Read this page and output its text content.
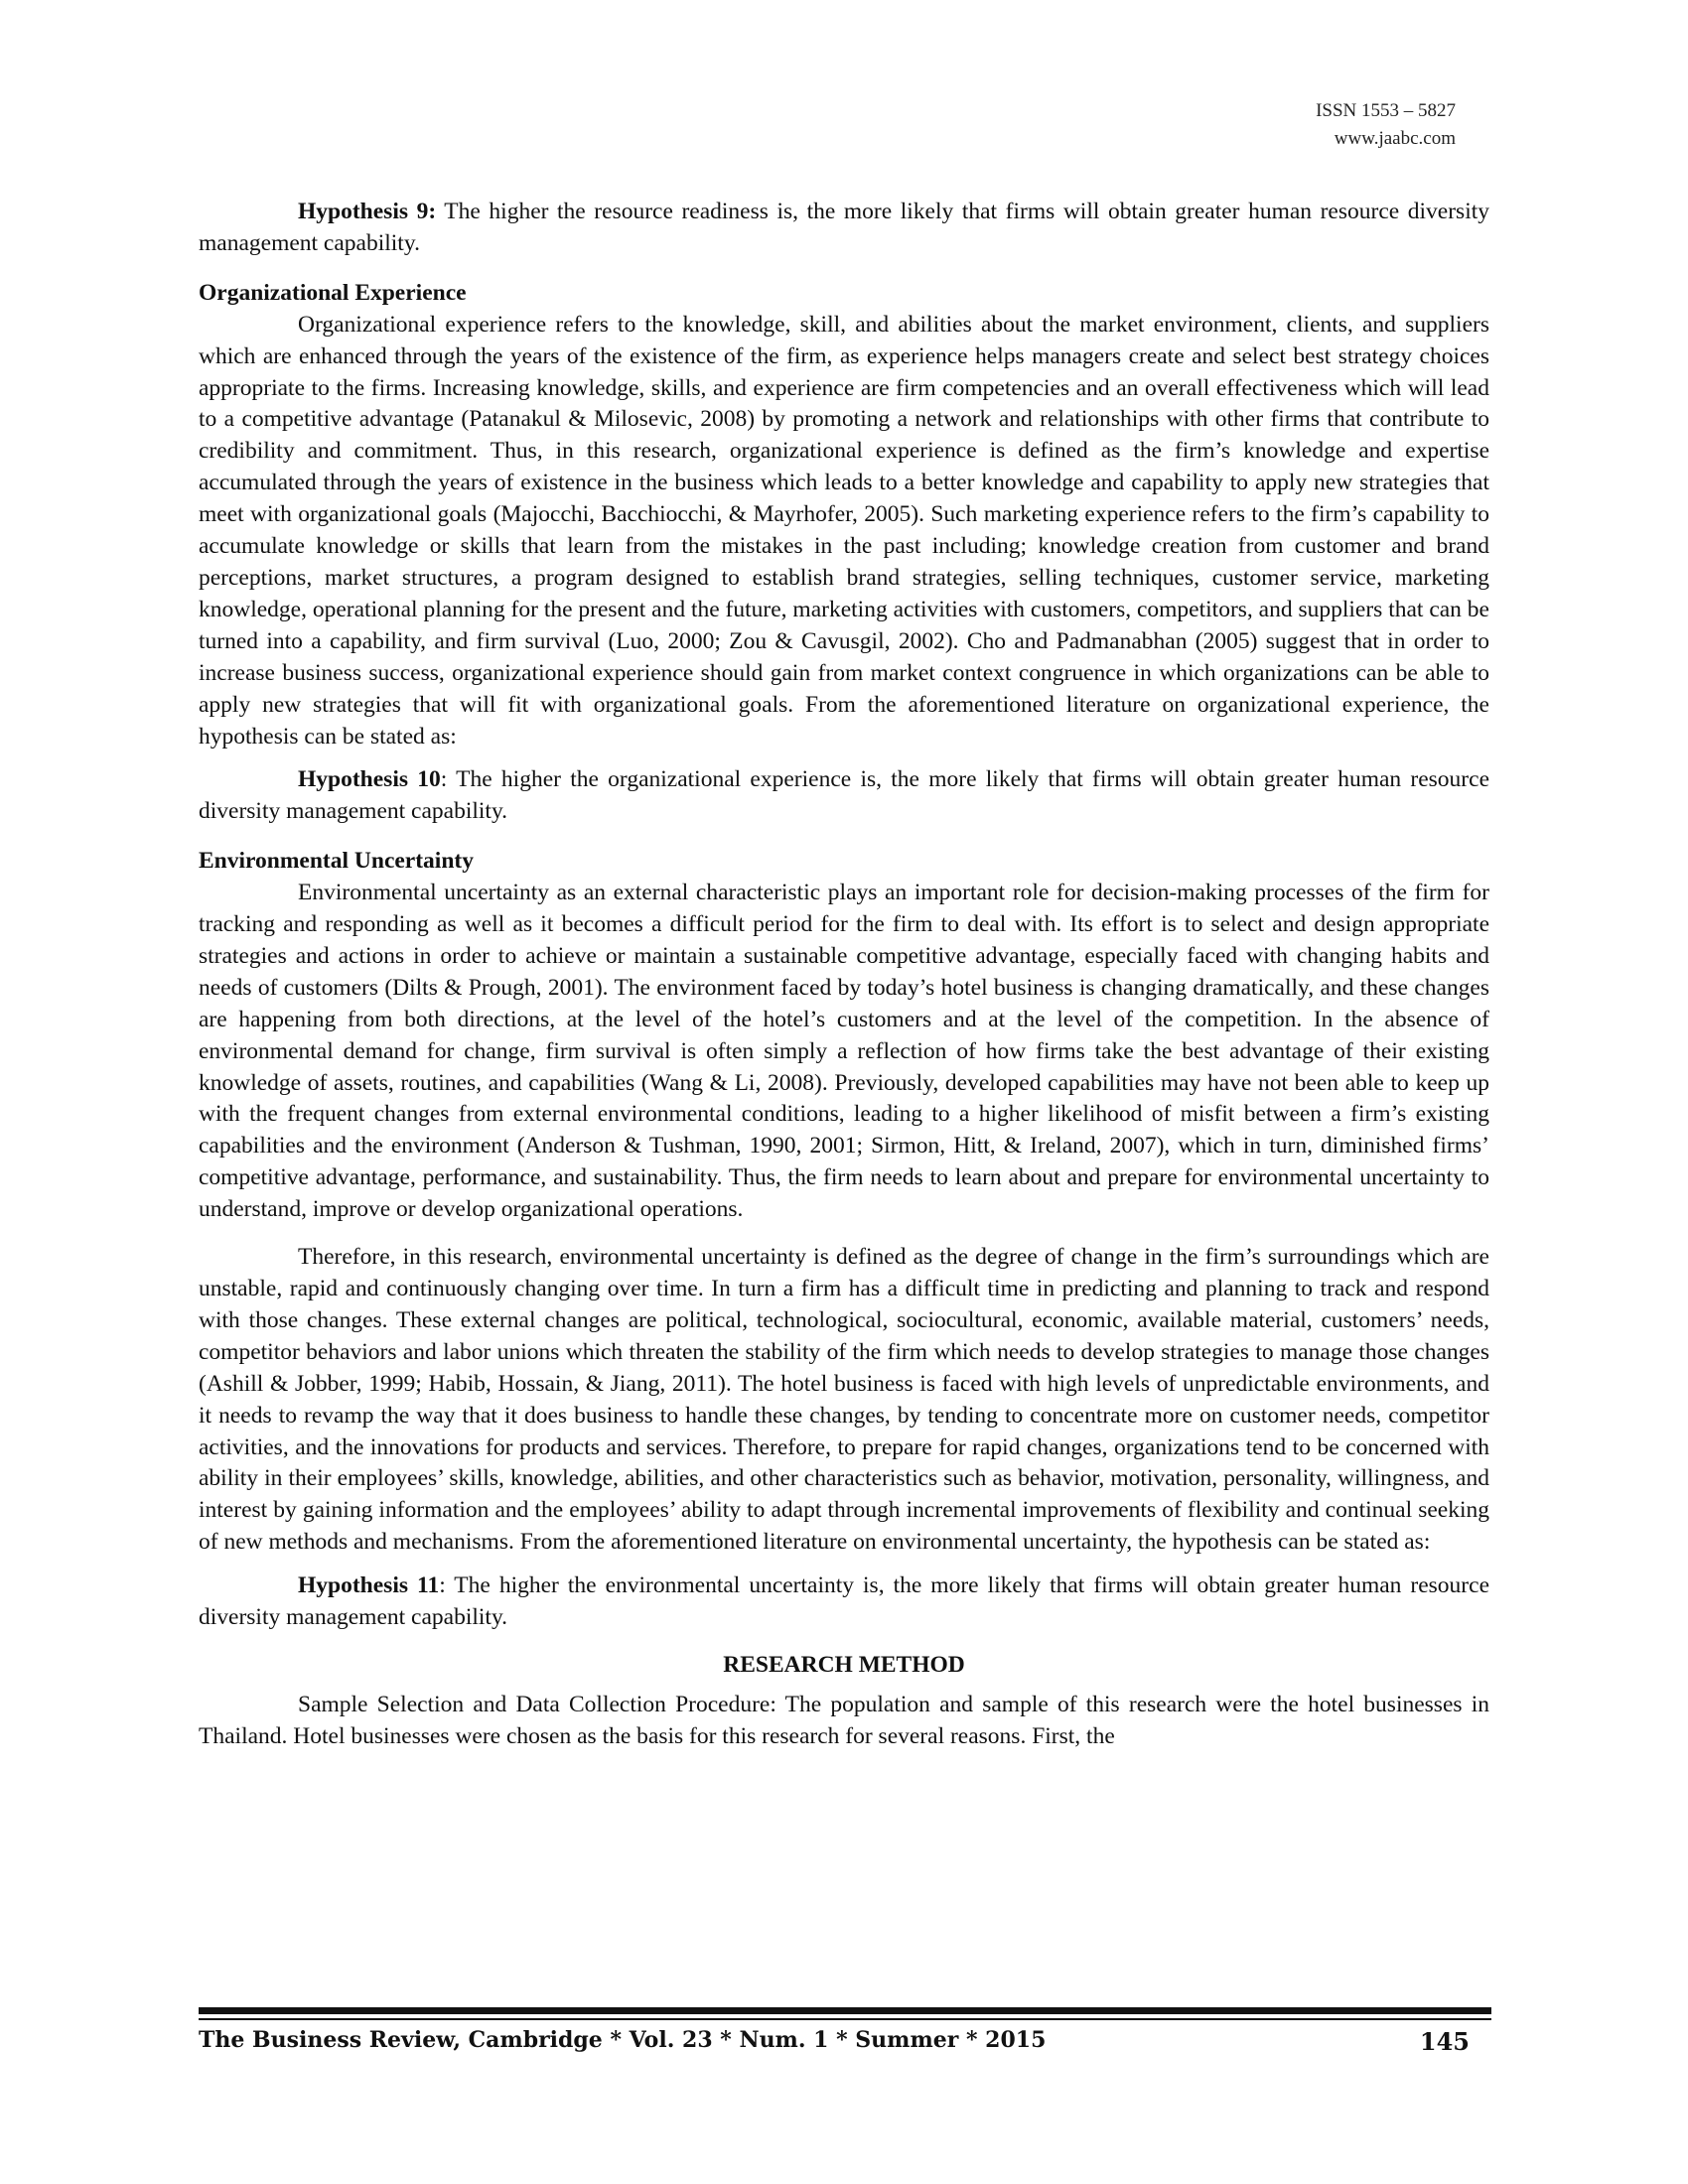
ISSN 1553 – 5827
www.jaabc.com

Hypothesis 9: The higher the resource readiness is, the more likely that firms will obtain greater human resource diversity management capability.

Organizational Experience

Organizational experience refers to the knowledge, skill, and abilities about the market environment, clients, and suppliers which are enhanced through the years of the existence of the firm, as experience helps managers create and select best strategy choices appropriate to the firms. Increasing knowledge, skills, and experience are firm competencies and an overall effectiveness which will lead to a competitive advantage (Patanakul & Milosevic, 2008) by promoting a network and relationships with other firms that contribute to credibility and commitment. Thus, in this research, organizational experience is defined as the firm’s knowledge and expertise accumulated through the years of existence in the business which leads to a better knowledge and capability to apply new strategies that meet with organizational goals (Majocchi, Bacchiocchi, & Mayrhofer, 2005). Such marketing experience refers to the firm’s capability to accumulate knowledge or skills that learn from the mistakes in the past including; knowledge creation from customer and brand perceptions, market structures, a program designed to establish brand strategies, selling techniques, customer service, marketing knowledge, operational planning for the present and the future, marketing activities with customers, competitors, and suppliers that can be turned into a capability, and firm survival (Luo, 2000; Zou & Cavusgil, 2002). Cho and Padmanabhan (2005) suggest that in order to increase business success, organizational experience should gain from market context congruence in which organizations can be able to apply new strategies that will fit with organizational goals. From the aforementioned literature on organizational experience, the hypothesis can be stated as:

Hypothesis 10: The higher the organizational experience is, the more likely that firms will obtain greater human resource diversity management capability.

Environmental Uncertainty

Environmental uncertainty as an external characteristic plays an important role for decision-making processes of the firm for tracking and responding as well as it becomes a difficult period for the firm to deal with. Its effort is to select and design appropriate strategies and actions in order to achieve or maintain a sustainable competitive advantage, especially faced with changing habits and needs of customers (Dilts & Prough, 2001). The environment faced by today’s hotel business is changing dramatically, and these changes are happening from both directions, at the level of the hotel’s customers and at the level of the competition. In the absence of environmental demand for change, firm survival is often simply a reflection of how firms take the best advantage of their existing knowledge of assets, routines, and capabilities (Wang & Li, 2008). Previously, developed capabilities may have not been able to keep up with the frequent changes from external environmental conditions, leading to a higher likelihood of misfit between a firm’s existing capabilities and the environment (Anderson & Tushman, 1990, 2001; Sirmon, Hitt, & Ireland, 2007), which in turn, diminished firms’ competitive advantage, performance, and sustainability. Thus, the firm needs to learn about and prepare for environmental uncertainty to understand, improve or develop organizational operations.

Therefore, in this research, environmental uncertainty is defined as the degree of change in the firm’s surroundings which are unstable, rapid and continuously changing over time. In turn a firm has a difficult time in predicting and planning to track and respond with those changes. These external changes are political, technological, sociocultural, economic, available material, customers’ needs, competitor behaviors and labor unions which threaten the stability of the firm which needs to develop strategies to manage those changes (Ashill & Jobber, 1999; Habib, Hossain, & Jiang, 2011). The hotel business is faced with high levels of unpredictable environments, and it needs to revamp the way that it does business to handle these changes, by tending to concentrate more on customer needs, competitor activities, and the innovations for products and services. Therefore, to prepare for rapid changes, organizations tend to be concerned with ability in their employees’ skills, knowledge, abilities, and other characteristics such as behavior, motivation, personality, willingness, and interest by gaining information and the employees’ ability to adapt through incremental improvements of flexibility and continual seeking of new methods and mechanisms. From the aforementioned literature on environmental uncertainty, the hypothesis can be stated as:

Hypothesis 11: The higher the environmental uncertainty is, the more likely that firms will obtain greater human resource diversity management capability.

RESEARCH METHOD

Sample Selection and Data Collection Procedure: The population and sample of this research were the hotel businesses in Thailand. Hotel businesses were chosen as the basis for this research for several reasons. First, the

The Business Review, Cambridge * Vol. 23 * Num. 1 * Summer * 2015	145
